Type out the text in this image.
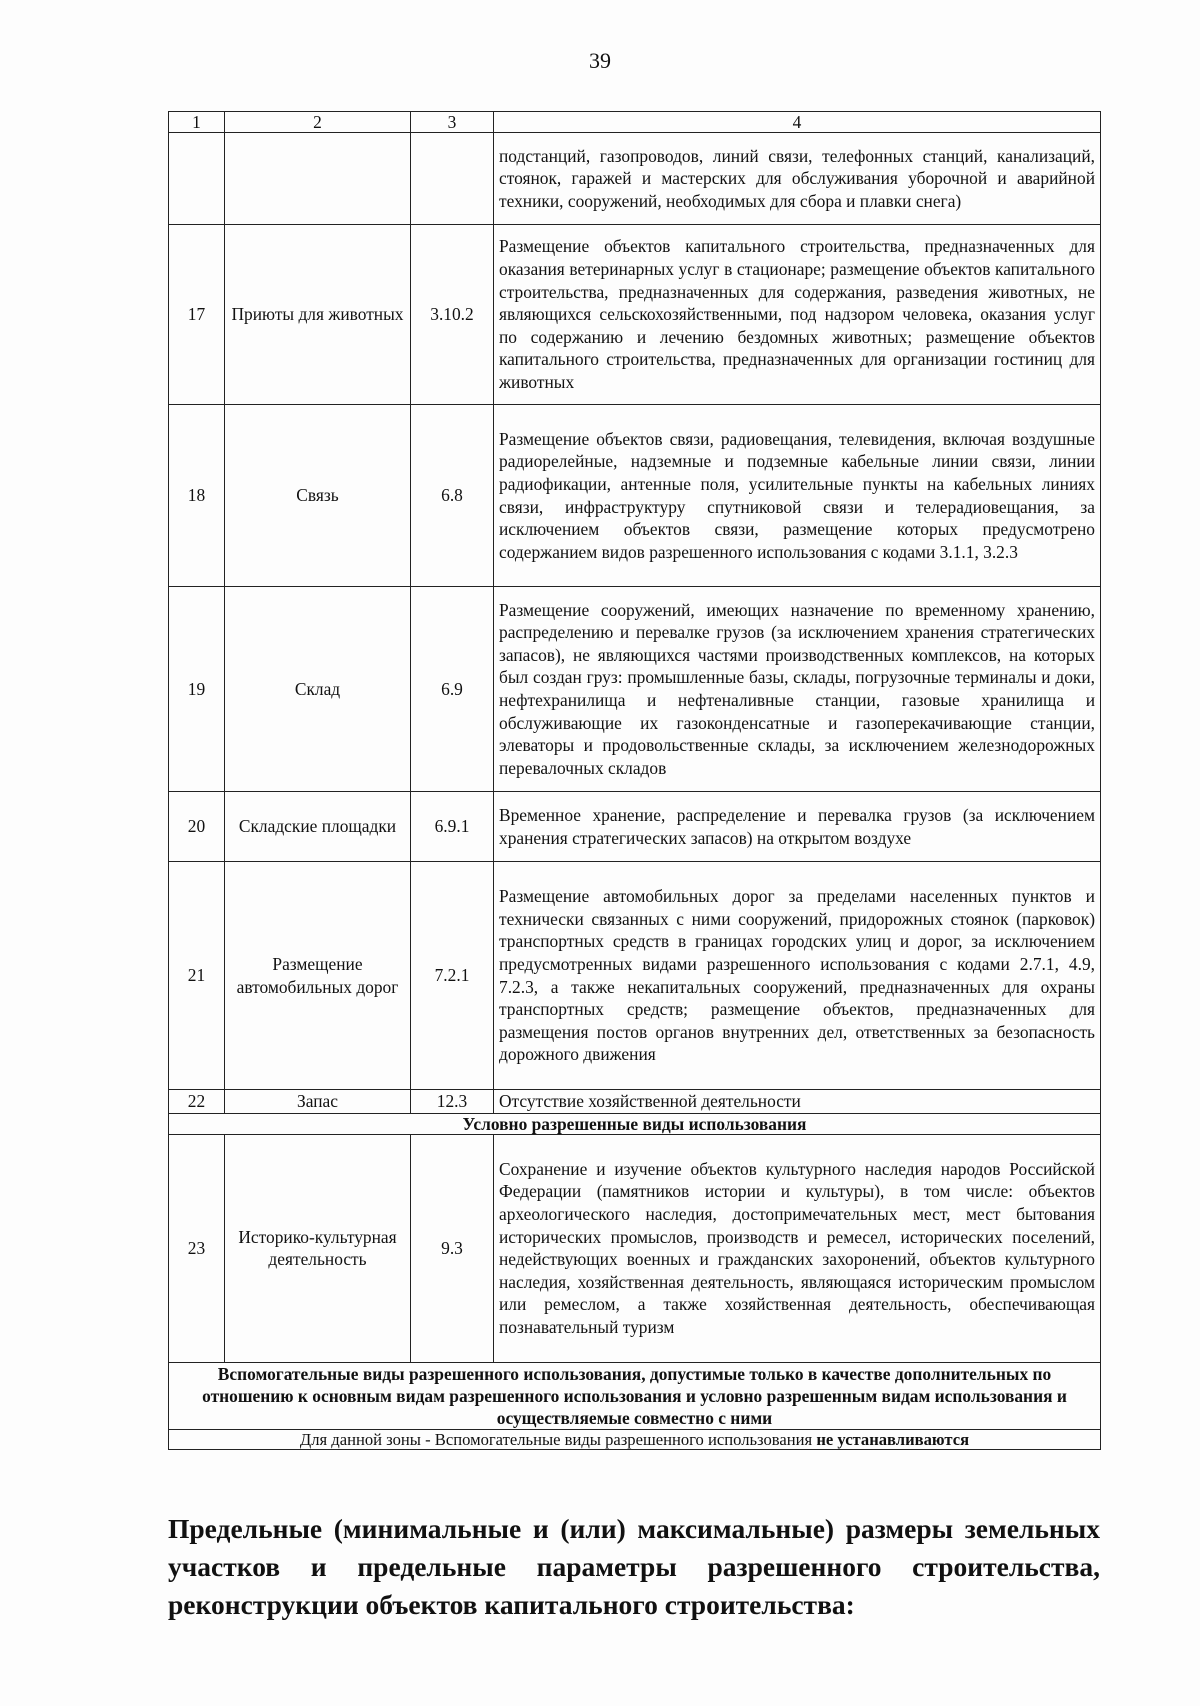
39
1	2	3	4
			подстанций, газопроводов, линий связи, телефонных станций, канализаций, стоянок, гаражей и мастерских для обслуживания уборочной и аварийной техники, сооружений, необходимых для сбора и плавки снега)
17	Приюты для животных	3.10.2	Размещение объектов капитального строительства, предназначенных для оказания ветеринарных услуг в стационаре; размещение объектов капитального строительства, предназначенных для содержания, разведения животных, не являющихся сельскохозяйственными, под надзором человека, оказания услуг по содержанию и лечению бездомных животных; размещение объектов капитального строительства, предназначенных для организации гостиниц для животных
18	Связь	6.8	Размещение объектов связи, радиовещания, телевидения, включая воздушные радиорелейные, надземные и подземные кабельные линии связи, линии радиофикации, антенные поля, усилительные пункты на кабельных линиях связи, инфраструктуру спутниковой связи и телерадиовещания, за исключением объектов связи, размещение которых предусмотрено содержанием видов разрешенного использования с кодами 3.1.1, 3.2.3
19	Склад	6.9	Размещение сооружений, имеющих назначение по временному хранению, распределению и перевалке грузов (за исключением хранения стратегических запасов), не являющихся частями производственных комплексов, на которых был создан груз: промышленные базы, склады, погрузочные терминалы и доки, нефтехранилища и нефтеналивные станции, газовые хранилища и обслуживающие их газоконденсатные и газоперекачивающие станции, элеваторы и продовольственные склады, за исключением железнодорожных перевалочных складов
20	Складские площадки	6.9.1	Временное хранение, распределение и перевалка грузов (за исключением хранения стратегических запасов) на открытом воздухе
21	Размещение автомобильных дорог	7.2.1	Размещение автомобильных дорог за пределами населенных пунктов и технически связанных с ними сооружений, придорожных стоянок (парковок) транспортных средств в границах городских улиц и дорог, за исключением предусмотренных видами разрешенного использования с кодами 2.7.1, 4.9, 7.2.3, а также некапитальных сооружений, предназначенных для охраны транспортных средств; размещение объектов, предназначенных для размещения постов органов внутренних дел, ответственных за безопасность дорожного движения
22	Запас	12.3	Отсутствие хозяйственной деятельности
Условно разрешенные виды использования			
23	Историко-культурная деятельность	9.3	Сохранение и изучение объектов культурного наследия народов Российской Федерации (памятников истории и культуры), в том числе: объектов археологического наследия, достопримечательных мест, мест бытования исторических промыслов, производств и ремесел, исторических поселений, недействующих военных и гражданских захоронений, объектов культурного наследия, хозяйственная деятельность, являющаяся историческим промыслом или ремеслом, а также хозяйственная деятельность, обеспечивающая познавательный туризм
Вспомогательные виды разрешенного использования, допустимые только в качестве дополнительных по отношению к основным видам разрешенного использования и условно разрешенным видам использования и осуществляемые совместно с ними			
Для данной зоны - Вспомогательные виды разрешенного использования не устанавливаются			
Предельные (минимальные и (или) максимальные) размеры земельных участков и предельные параметры разрешенного строительства, реконструкции объектов капитального строительства:
